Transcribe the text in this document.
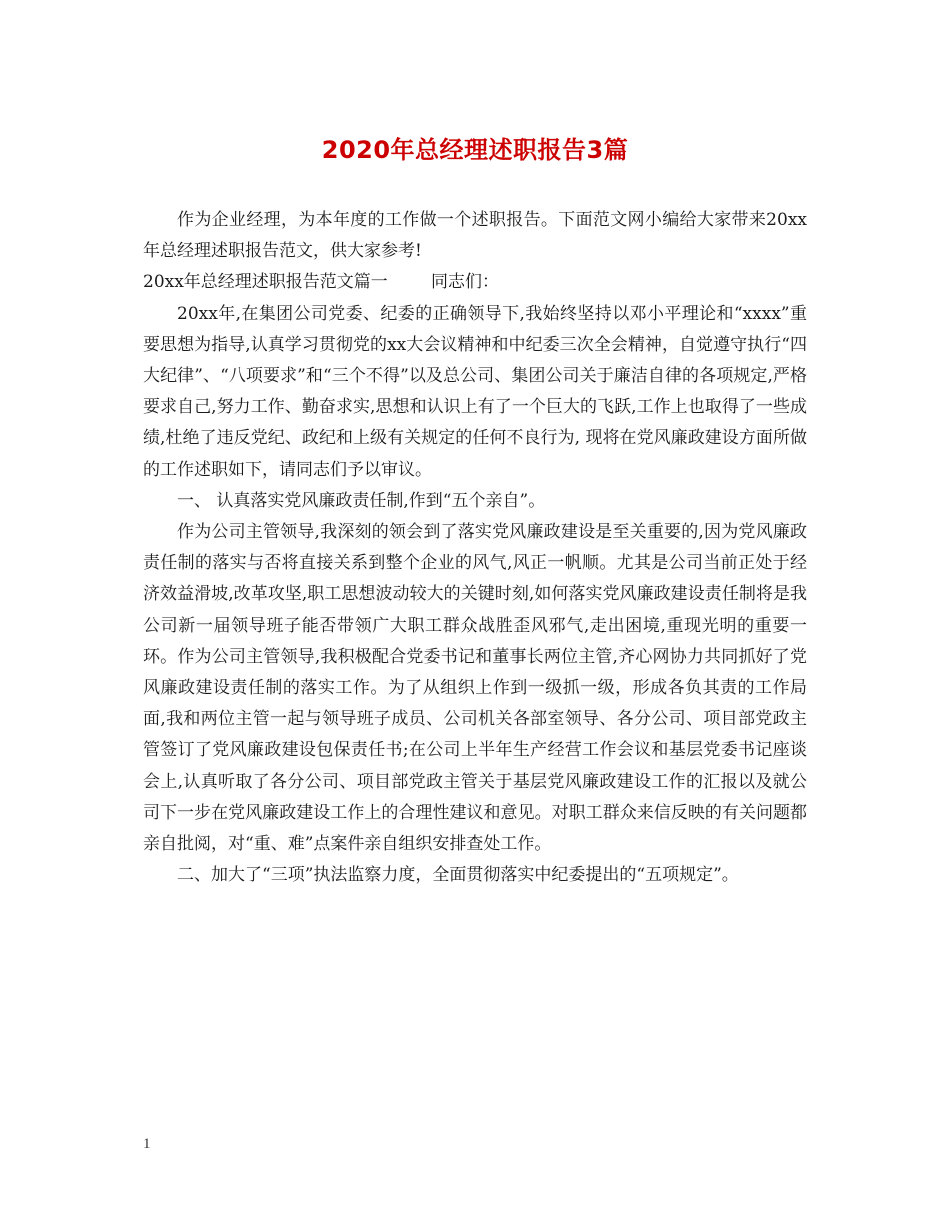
2020年总经理述职报告3篇

作为企业经理，为本年度的工作做一个述职报告。下面范文网小编给大家带来20xx年总经理述职报告范文，供大家参考!

20xx年总经理述职报告范文篇一        同志们：

20xx年,在集团公司党委、纪委的正确领导下,我始终坚持以邓小平理论和“xxxx”重要思想为指导,认真学习贯彻党的xx大会议精神和中纪委三次全会精神，自觉遵守执行“四大纪律”、“八项要求”和“三个不得”以及总公司、集团公司关于廉洁自律的各项规定,严格要求自己,努力工作、勤奋求实,思想和认识上有了一个巨大的飞跃,工作上也取得了一些成绩,杜绝了违反党纪、政纪和上级有关规定的任何不良行为, 现将在党风廉政建设方面所做的工作述职如下，请同志们予以审议。

一、 认真落实党风廉政责任制,作到“五个亲自”。

作为公司主管领导,我深刻的领会到了落实党风廉政建设是至关重要的,因为党风廉政责任制的落实与否将直接关系到整个企业的风气,风正一帆顺。尤其是公司当前正处于经济效益滑坡,改革攻坚,职工思想波动较大的关键时刻,如何落实党风廉政建设责任制将是我公司新一届领导班子能否带领广大职工群众战胜歪风邪气,走出困境,重现光明的重要一环。作为公司主管领导,我积极配合党委书记和董事长两位主管,齐心网协力共同抓好了党风廉政建设责任制的落实工作。为了从组织上作到一级抓一级，形成各负其责的工作局面,我和两位主管一起与领导班子成员、公司机关各部室领导、各分公司、项目部党政主管签订了党风廉政建设包保责任书;在公司上半年生产经营工作会议和基层党委书记座谈会上,认真听取了各分公司、项目部党政主管关于基层党风廉政建设工作的汇报以及就公司下一步在党风廉政建设工作上的合理性建议和意见。对职工群众来信反映的有关问题都亲自批阅，对“重、难”点案件亲自组织安排查处工作。

二、加大了“三项”执法监察力度，全面贯彻落实中纪委提出的“五项规定”。

1
